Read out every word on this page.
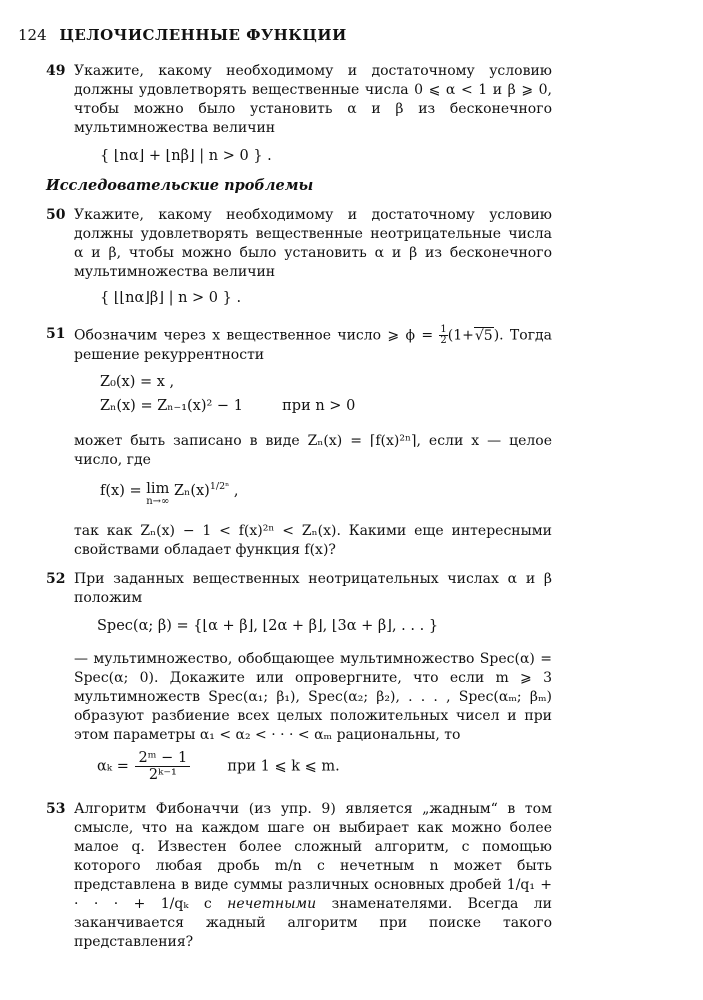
124 ЦЕЛОЧИСЛЕННЫЕ ФУНКЦИИ
49 Укажите, какому необходимому и достаточному условию должны удовлетворять вещественные числа 0 ⩽ α < 1 и β ⩾ 0, чтобы можно было установить α и β из бесконечного мультимножества величин

{ ⌊nα⌋ + ⌊nβ⌋ | n > 0 } .
Исследовательские проблемы
50 Укажите, какому необходимому и достаточному условию должны удовлетворять вещественные неотрицательные числа α и β, чтобы можно было установить α и β из бесконечного мультимножества величин

{ ⌊⌊nα⌋β⌋ | n > 0 } .
51 Обозначим через x вещественное число ⩾ $\phi = \frac{1}{2}(1+√5)$. Тогда решение рекуррентности

Z₀(x) = x ,
Zₙ(x) = Zₙ₋₁(x)² − 1	при n > 0

может быть записано в виде Zₙ(x) = ⌈f(x)²ⁿ⌉, если x — целое число, где

f(x) = lim
n→∞
$Z_n(x)^{1/2^n}$ ,

так как Zₙ(x) − 1 < f(x)²ⁿ < Zₙ(x). Какими еще интересными свойствами обладает функция f(x)?

52 При заданных вещественных неотрицательных числах α и β положим

Spec(α; β) = {⌊α + β⌋, ⌊2α + β⌋, ⌊3α + β⌋, . . . }

— мультимножество, обобщающее мультимножество Spec(α) = Spec(α; 0). Докажите или опровергните, что если m ⩾ 3 мультимножеств Spec(α₁; β₁), Spec(α₂; β₂), . . . , Spec(αₘ; βₘ) образуют разбиение всех целых положительных чисел и при этом параметры α₁ < α₂ < · · · < αₘ рациональны, то

$\alpha_k = \frac{\text{2ᵐ − 1}}{\text{2ᵏ⁻¹}}$	при 1 ⩽ k ⩽ m.
53 Алгоритм Фибоначчи (из упр. 9) является „жадным“ в том смысле, что на каждом шаге он выбирает как можно более малое q. Известен более сложный алгоритм, с помощью которого любая дробь m/n с нечетным n может быть представлена в виде суммы различных основных дробей 1/q₁ + · · · + 1/qₖ с нечетными знаменателями. Всегда ли заканчивается жадный алгоритм при поиске такого представления?
